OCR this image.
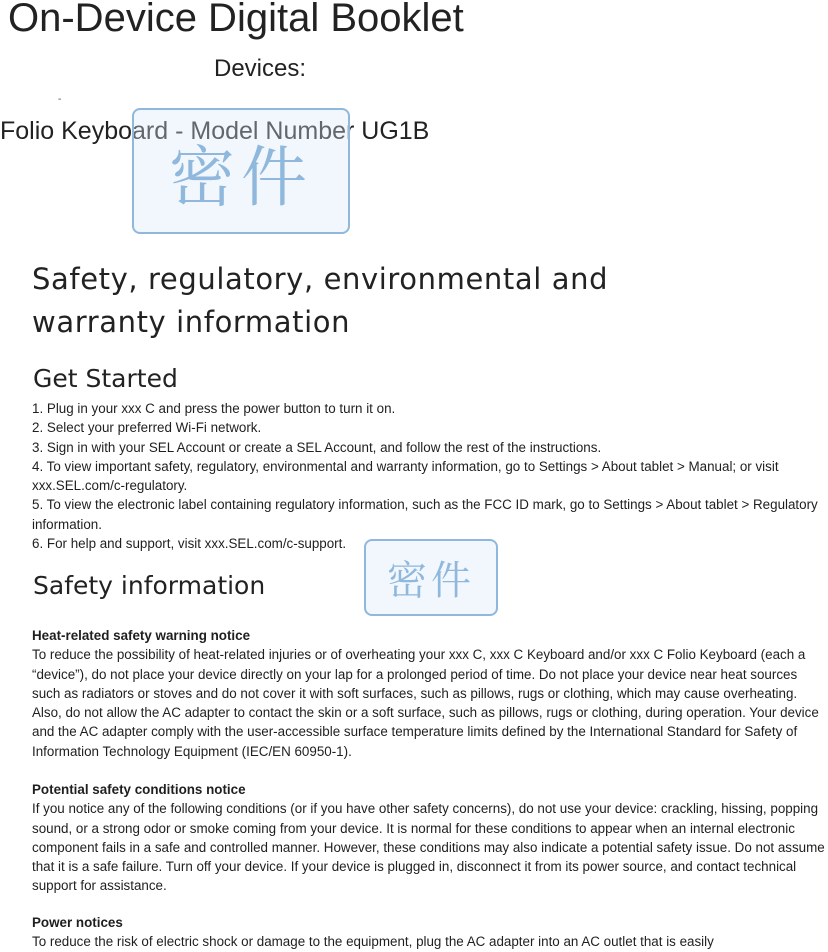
On-Device Digital Booklet
Devices:
-
Folio Keyboard - Model Number UG1B
密件
Safety, regulatory, environmental and warranty information
Get Started
1. Plug in your xxx C and press the power button to turn it on.
2. Select your preferred Wi-Fi network.
3. Sign in with your SEL Account or create a SEL Account, and follow the rest of the instructions.
4. To view important safety, regulatory, environmental and warranty information, go to Settings > About tablet > Manual; or visit xxx.SEL.com/c-regulatory.
5. To view the electronic label containing regulatory information, such as the FCC ID mark, go to Settings > About tablet > Regulatory information.
6. For help and support, visit xxx.SEL.com/c-support.
Safety information	密件
Heat-related safety warning notice

To reduce the possibility of heat-related injuries or of overheating your xxx C, xxx C Keyboard and/or xxx C Folio Keyboard (each a “device”), do not place your device directly on your lap for a prolonged period of time. Do not place your device near heat sources such as radiators or stoves and do not cover it with soft surfaces, such as pillows, rugs or clothing, which may cause overheating. Also, do not allow the AC adapter to contact the skin or a soft surface, such as pillows, rugs or clothing, during operation. Your device and the AC adapter comply with the user-accessible surface temperature limits defined by the International Standard for Safety of Information Technology Equipment (IEC/EN 60950-1).

Potential safety conditions notice

If you notice any of the following conditions (or if you have other safety concerns), do not use your device: crackling, hissing, popping sound, or a strong odor or smoke coming from your device. It is normal for these conditions to appear when an internal electronic component fails in a safe and controlled manner. However, these conditions may also indicate a potential safety issue. Do not assume that it is a safe failure. Turn off your device. If your device is plugged in, disconnect it from its power source, and contact technical support for assistance.

Power notices

To reduce the risk of electric shock or damage to the equipment, plug the AC adapter into an AC outlet that is easily
